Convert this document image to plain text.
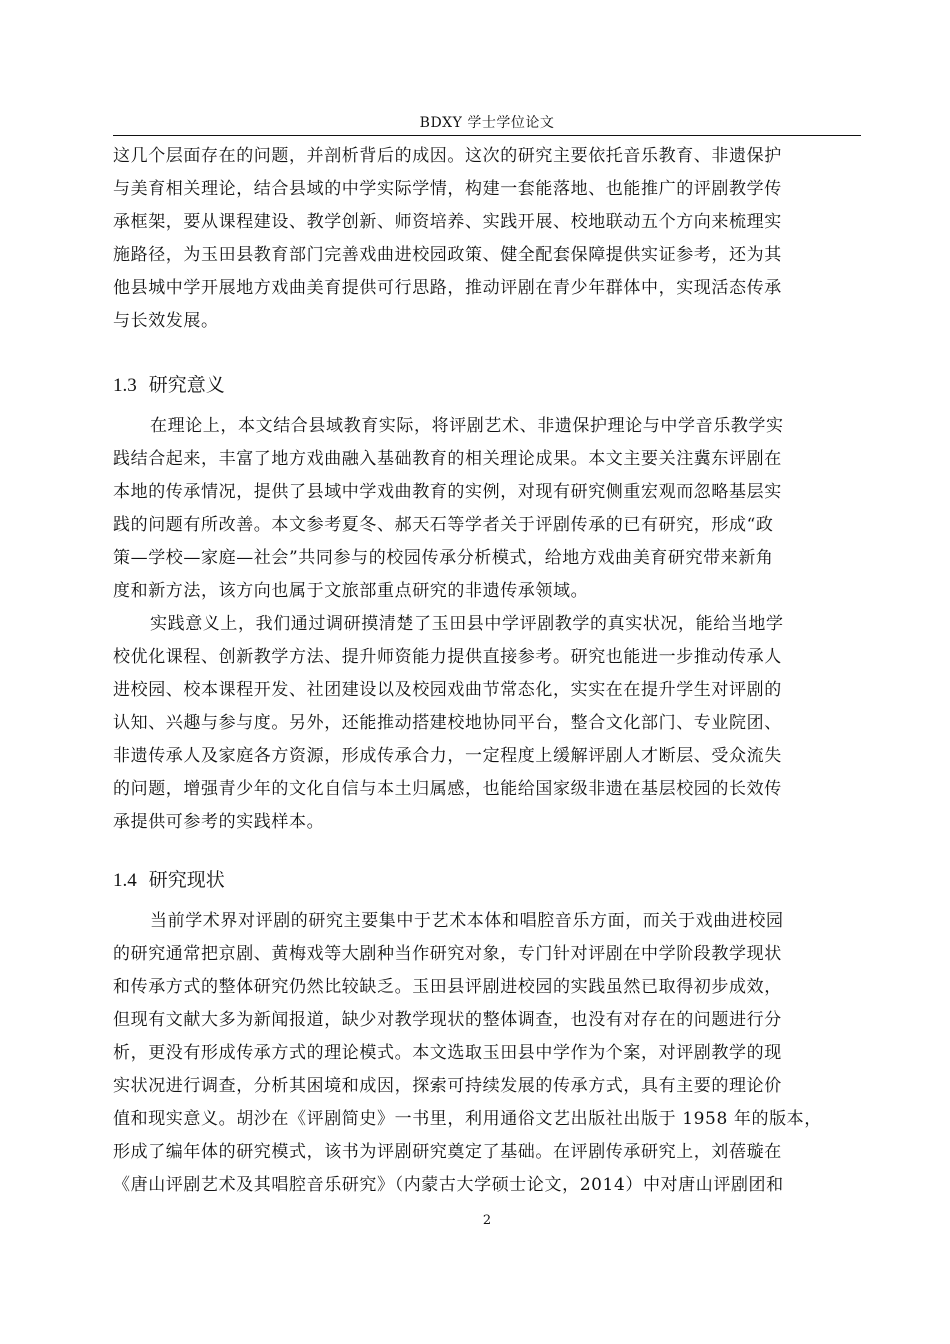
BDXY 学士学位论文
这几个层面存在的问题，并剖析背后的成因。这次的研究主要依托音乐教育、非遗保护
与美育相关理论，结合县域的中学实际学情，构建一套能落地、也能推广的评剧教学传
承框架，要从课程建设、教学创新、师资培养、实践开展、校地联动五个方向来梳理实
施路径，为玉田县教育部门完善戏曲进校园政策、健全配套保障提供实证参考，还为其
他县城中学开展地方戏曲美育提供可行思路，推动评剧在青少年群体中，实现活态传承
与长效发展。
1.3 研究意义
在理论上，本文结合县域教育实际，将评剧艺术、非遗保护理论与中学音乐教学实
践结合起来，丰富了地方戏曲融入基础教育的相关理论成果。本文主要关注冀东评剧在
本地的传承情况，提供了县域中学戏曲教育的实例，对现有研究侧重宏观而忽略基层实
践的问题有所改善。本文参考夏冬、郝天石等学者关于评剧传承的已有研究，形成“政
策—学校—家庭—社会”共同参与的校园传承分析模式，给地方戏曲美育研究带来新角
度和新方法，该方向也属于文旅部重点研究的非遗传承领域。
实践意义上，我们通过调研摸清楚了玉田县中学评剧教学的真实状况，能给当地学
校优化课程、创新教学方法、提升师资能力提供直接参考。研究也能进一步推动传承人
进校园、校本课程开发、社团建设以及校园戏曲节常态化，实实在在提升学生对评剧的
认知、兴趣与参与度。另外，还能推动搭建校地协同平台，整合文化部门、专业院团、
非遗传承人及家庭各方资源，形成传承合力，一定程度上缓解评剧人才断层、受众流失
的问题，增强青少年的文化自信与本土归属感，也能给国家级非遗在基层校园的长效传
承提供可参考的实践样本。
1.4 研究现状
当前学术界对评剧的研究主要集中于艺术本体和唱腔音乐方面，而关于戏曲进校园
的研究通常把京剧、黄梅戏等大剧种当作研究对象，专门针对评剧在中学阶段教学现状
和传承方式的整体研究仍然比较缺乏。玉田县评剧进校园的实践虽然已取得初步成效，
但现有文献大多为新闻报道，缺少对教学现状的整体调查，也没有对存在的问题进行分
析，更没有形成传承方式的理论模式。本文选取玉田县中学作为个案，对评剧教学的现
实状况进行调查，分析其困境和成因，探索可持续发展的传承方式，具有主要的理论价
值和现实意义。胡沙在《评剧简史》一书里，利用通俗文艺出版社出版于 1958 年的版本，
形成了编年体的研究模式，该书为评剧研究奠定了基础。在评剧传承研究上，刘蓓璇在
《唐山评剧艺术及其唱腔音乐研究》（内蒙古大学硕士论文，2014）中对唐山评剧团和
2
